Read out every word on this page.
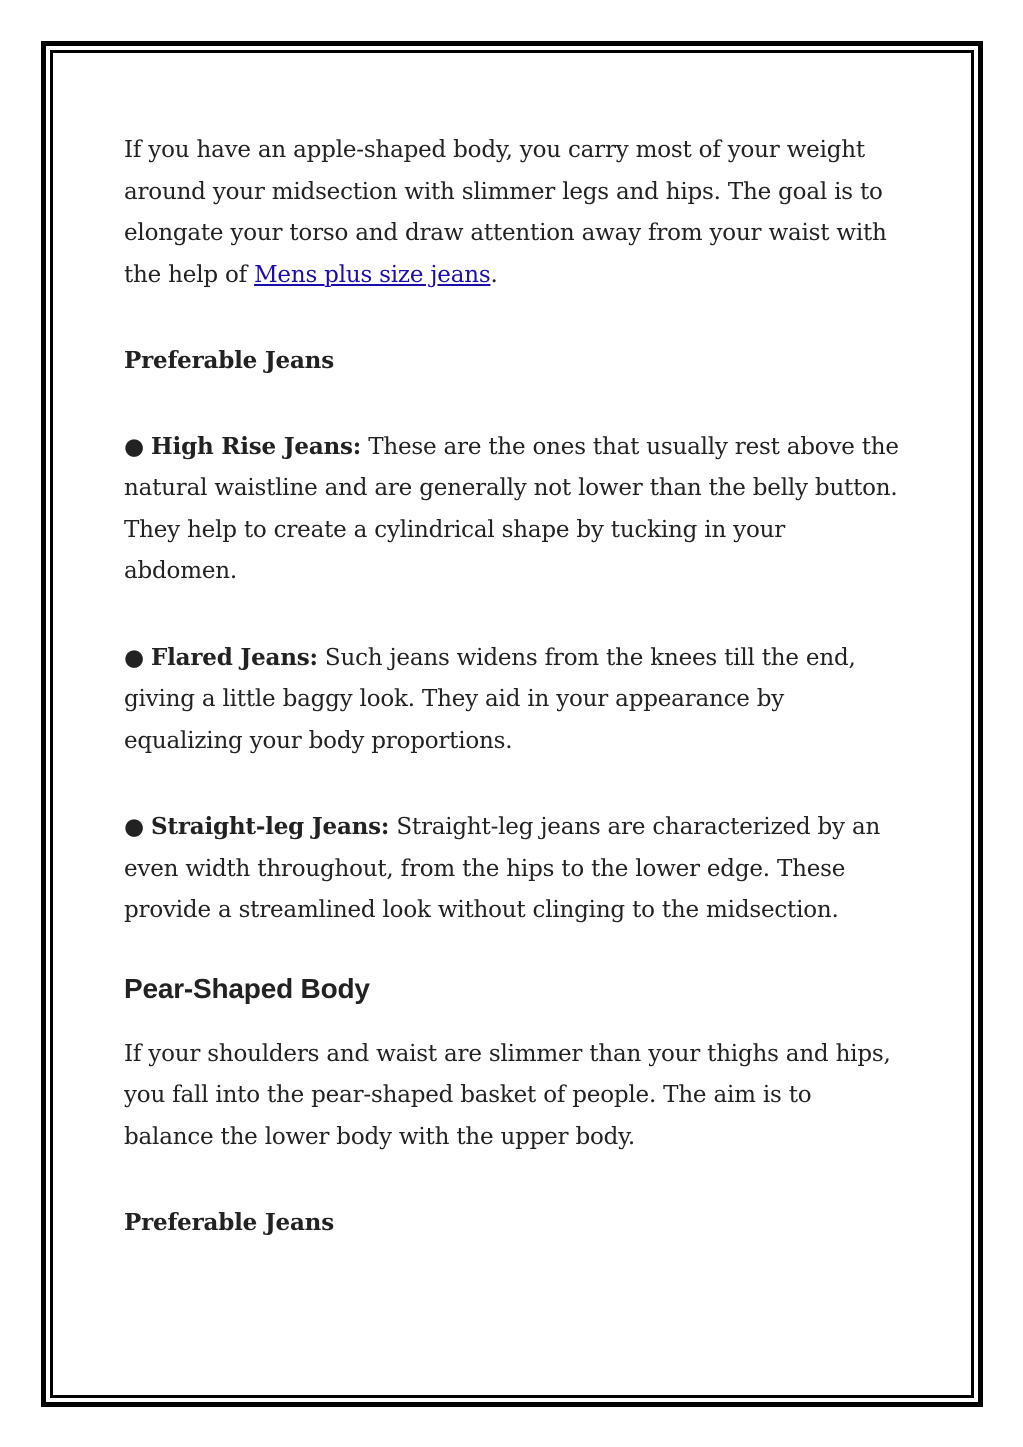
If you have an apple-shaped body, you carry most of your weight around your midsection with slimmer legs and hips. The goal is to elongate your torso and draw attention away from your waist with the help of Mens plus size jeans.

Preferable Jeans

● High Rise Jeans: These are the ones that usually rest above the natural waistline and are generally not lower than the belly button. They help to create a cylindrical shape by tucking in your abdomen.

● Flared Jeans: Such jeans widens from the knees till the end, giving a little baggy look. They aid in your appearance by equalizing your body proportions.

● Straight-leg Jeans: Straight-leg jeans are characterized by an even width throughout, from the hips to the lower edge. These provide a streamlined look without clinging to the midsection.

Pear-Shaped Body

If your shoulders and waist are slimmer than your thighs and hips, you fall into the pear-shaped basket of people. The aim is to balance the lower body with the upper body.

Preferable Jeans
